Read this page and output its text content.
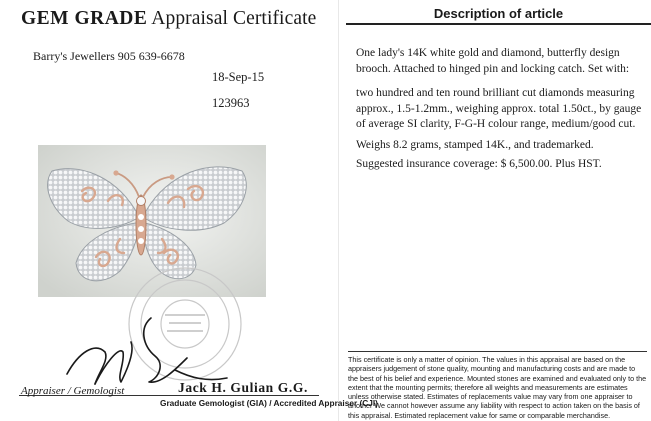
GEM GRADE Appraisal Certificate
Barry's Jewellers 905 639-6678
18-Sep-15
123963
Appraiser / Gemologist	Jack H. Gulian G.G.
Graduate Gemologist (GIA) / Accredited Appraiser (CJI)
Description of article
One lady's 14K white gold and diamond, butterfly design brooch. Attached to hinged pin and locking catch. Set with:
two hundred and ten round brilliant cut diamonds measuring approx., 1.5-1.2mm., weighing approx. total 1.50ct., by gauge of average SI clarity, F-G-H colour range, medium/good cut.
Weighs 8.2 grams, stamped 14K., and trademarked.
Suggested insurance coverage: $ 6,500.00. Plus HST.
This certificate is only a matter of opinion. The values in this appraisal are based on the appraisers judgement of stone quality, mounting and manufacturing costs and are made to the best of his belief and experience. Mounted stones are examined and evaluated only to the extent that the mounting permits; therefore all weights and measurements are estimates unless otherwise stated. Estimates of replacements value may vary from one appraiser to another We cannot however assume any liability with respect to action taken on the basis of this appraisal. Estimated replacement value for same or comparable merchandise.
